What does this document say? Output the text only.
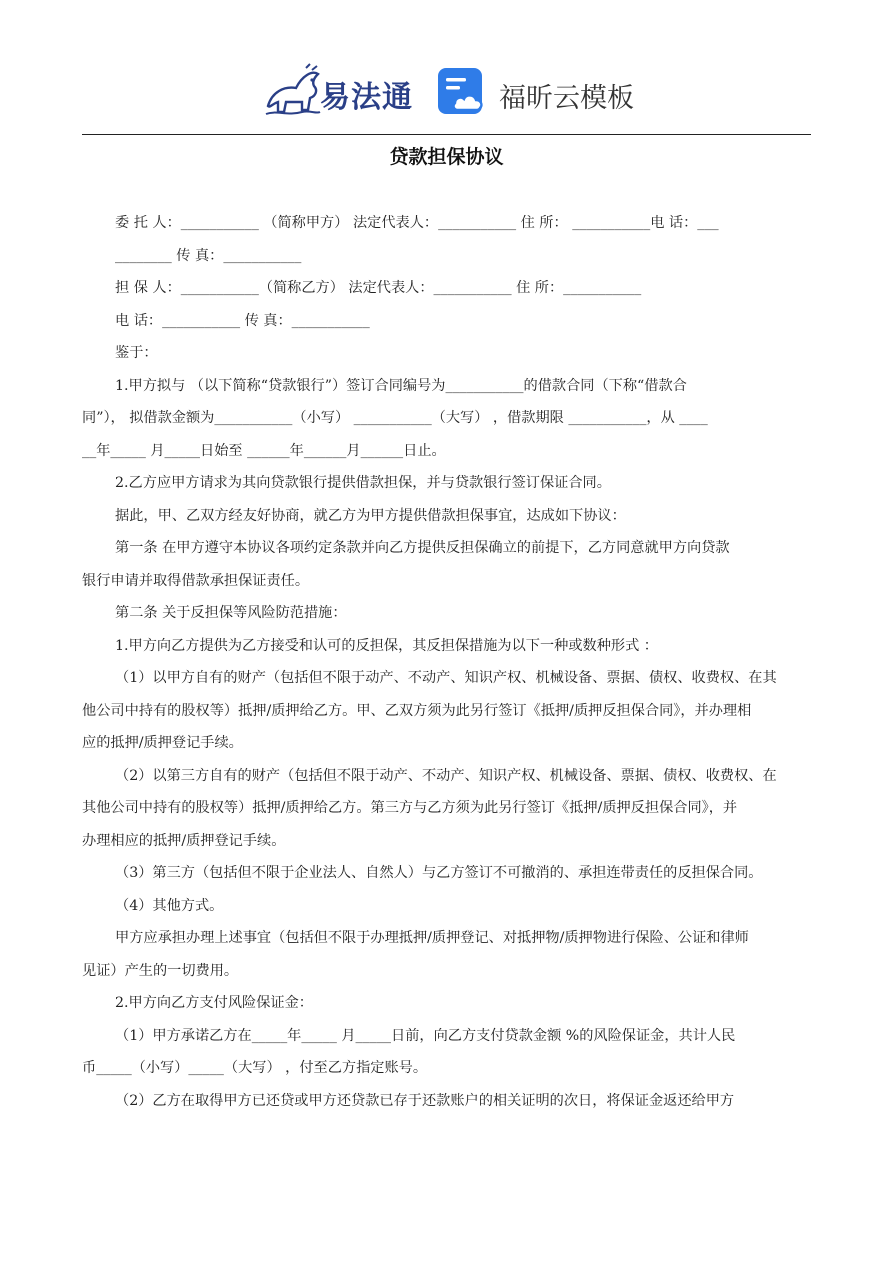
易法通	福昕云模板
贷款担保协议

委 托 人：___________ （简称甲方） 法定代表人：___________ 住 所： ___________电 话：___

________ 传 真：___________

担 保 人：___________（简称乙方） 法定代表人：___________ 住 所：___________

电 话：___________ 传 真：___________

鉴于：

1.甲方拟与 （以下简称“贷款银行”）签订合同编号为___________的借款合同（下称“借款合

同”）， 拟借款金额为___________（小写） ___________（大写） ，借款期限 ___________，从 ____

__年_____ 月_____日始至 ______年______月______日止。

2.乙方应甲方请求为其向贷款银行提供借款担保，并与贷款银行签订保证合同。

据此，甲、乙双方经友好协商，就乙方为甲方提供借款担保事宜，达成如下协议：

第一条 在甲方遵守本协议各项约定条款并向乙方提供反担保确立的前提下，乙方同意就甲方向贷款

银行申请并取得借款承担保证责任。

第二条 关于反担保等风险防范措施：

1.甲方向乙方提供为乙方接受和认可的反担保，其反担保措施为以下一种或数种形式 ：

（1）以甲方自有的财产（包括但不限于动产、不动产、知识产权、机械设备、票据、债权、收费权、在其

他公司中持有的股权等）抵押/质押给乙方。甲、乙双方须为此另行签订《抵押/质押反担保合同》，并办理相

应的抵押/质押登记手续。

（2）以第三方自有的财产（包括但不限于动产、不动产、知识产权、机械设备、票据、债权、收费权、在

其他公司中持有的股权等）抵押/质押给乙方。第三方与乙方须为此另行签订《抵押/质押反担保合同》，并

办理相应的抵押/质押登记手续。

（3）第三方（包括但不限于企业法人、自然人）与乙方签订不可撤消的、承担连带责任的反担保合同。

（4）其他方式。

甲方应承担办理上述事宜（包括但不限于办理抵押/质押登记、对抵押物/质押物进行保险、公证和律师

见证）产生的一切费用。

2.甲方向乙方支付风险保证金：

（1）甲方承诺乙方在_____年_____ 月_____日前，向乙方支付贷款金额 %的风险保证金，共计人民

币_____（小写）_____（大写） ，付至乙方指定账号。

（2）乙方在取得甲方已还贷或甲方还贷款已存于还款账户的相关证明的次日，将保证金返还给甲方
